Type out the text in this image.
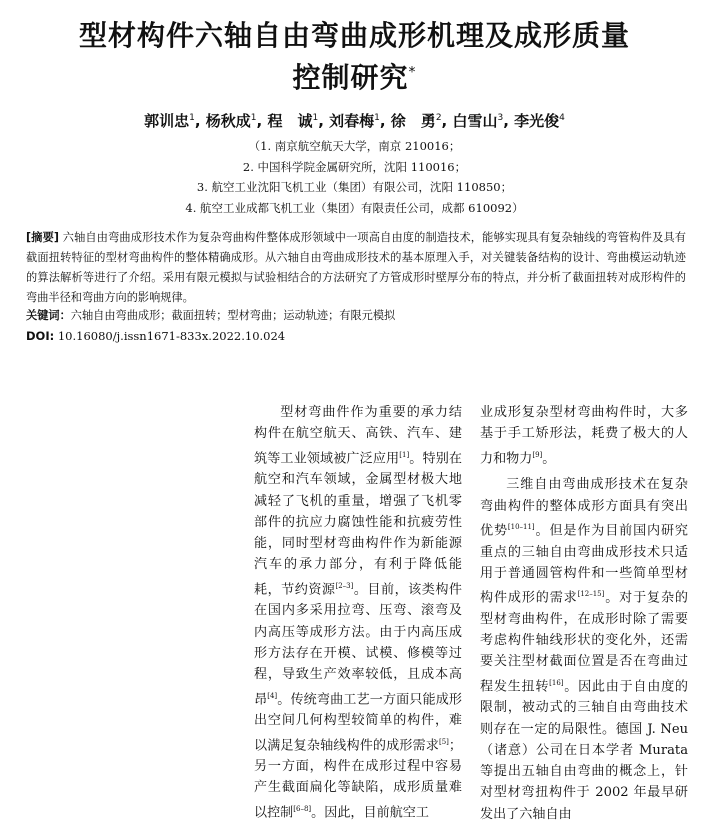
型材构件六轴自由弯曲成形机理及成形质量
控制研究*
郭训忠$^1$, 杨秋成$^1$, 程　诚$^1$, 刘春梅$^1$, 徐　勇$^2$, 白雪山$^3$, 李光俊$^4$
（1. 南京航空航天大学，南京 210016；
2. 中国科学院金属研究所，沈阳 110016；
3. 航空工业沈阳飞机工业（集团）有限公司，沈阳 110850；
4. 航空工业成都飞机工业（集团）有限责任公司，成都 610092）
[摘要] 六轴自由弯曲成形技术作为复杂弯曲构件整体成形领域中一项高自由度的制造技术，能够实现具有复杂轴线的弯管构件及具有截面扭转特征的型材弯曲构件的整体精确成形。从六轴自由弯曲成形技术的基本原理入手，对关键装备结构的设计、弯曲模运动轨迹的算法解析等进行了介绍。采用有限元模拟与试验相结合的方法研究了方管成形时壁厚分布的特点，并分析了截面扭转对成形构件的弯曲半径和弯曲方向的影响规律。
关键词：六轴自由弯曲成形；截面扭转；型材弯曲；运动轨迹；有限元模拟
DOI: 10.16080/j.issn1671-833x.2022.10.024

型材弯曲件作为重要的承力结构件在航空航天、高铁、汽车、建筑等工业领域被广泛应用[1]。特别在航空和汽车领域，金属型材极大地减轻了飞机的重量，增强了飞机零部件的抗应力腐蚀性能和抗疲劳性能，同时型材弯曲构件作为新能源汽车的承力部分，有利于降低能耗，节约资源[2–3]。目前，该类构件在国内多采用拉弯、压弯、滚弯及内高压等成形方法。由于内高压成形方法存在开模、试模、修模等过程，导致生产效率较低，且成本高昂[4]。传统弯曲工艺一方面只能成形出空间几何构型较简单的构件，难以满足复杂轴线构件的成形需求[5]；另一方面，构件在成形过程中容易产生截面扁化等缺陷，成形质量难以控制[6–8]。因此，目前航空工

业成形复杂型材弯曲构件时，大多基于手工矫形法，耗费了极大的人力和物力[9]。

三维自由弯曲成形技术在复杂弯曲构件的整体成形方面具有突出优势[10–11]。但是作为目前国内研究重点的三轴自由弯曲成形技术只适用于普通圆管构件和一些简单型材构件成形的需求[12–15]。对于复杂的型材弯曲构件，在成形时除了需要考虑构件轴线形状的变化外，还需要关注型材截面位置是否在弯曲过程发生扭转[16]。因此由于自由度的限制，被动式的三轴自由弯曲技术则存在一定的局限性。德国 J. Neu（诸意）公司在日本学者 Murata 等提出五轴自由弯曲的概念上，针对型材弯扭构件于 2002 年最早研发出了六轴自由
